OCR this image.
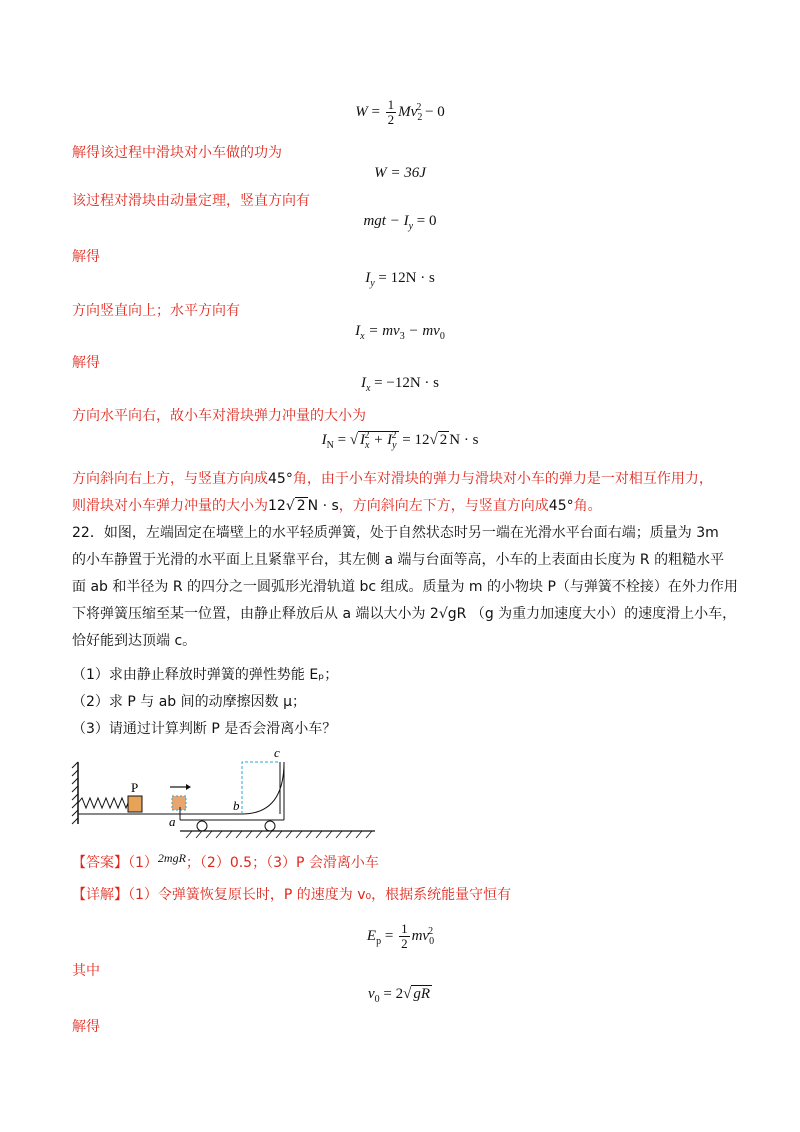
$W = \frac{1}{2} Mv_2^2 - 0$
解得该过程中滑块对小车做的功为
W = 36J
该过程对滑块由动量定理，竖直方向有
mgt − $I_y = 0$
解得
$I_y = 12N \cdot s$
方向竖直向上；水平方向有
$I_x = mv_3 - mv_0$
解得
$I_x = -12N \cdot s$
方向水平向右，故小车对滑块弹力冲量的大小为
$I_N$ = √ $I_x^2 + I_y^2 = 12√$ 2 N · s
方向斜向右上方，与竖直方向成45°角，由于小车对滑块的弹力与滑块对小车的弹力是一对相互作用力，
则滑块对小车弹力冲量的大小为12√ 2 N · s，方向斜向左下方，与竖直方向成45°角。
22．如图，左端固定在墙壁上的水平轻质弹簧，处于自然状态时另一端在光滑水平台面右端；质量为 3m
的小车静置于光滑的水平面上且紧靠平台，其左侧 a 端与台面等高，小车的上表面由长度为 R 的粗糙水平
面 ab 和半径为 R 的四分之一圆弧形光滑轨道 bc 组成。质量为 m 的小物块 P（与弹簧不栓接）在外力作用
下将弹簧压缩至某一位置，由静止释放后从 a 端以大小为 2√gR （g 为重力加速度大小）的速度滑上小车，
恰好能到达顶端 c。
（1）求由静止释放时弹簧的弹性势能 Eₚ；
（2）求 P 与 ab 间的动摩擦因数 μ；
（3）请通过计算判断 P 是否会滑离小车？
P
a
b
c
【答案】（1）2mgR；（2）0.5；（3）P 会滑离小车
【详解】（1）令弹簧恢复原长时，P 的速度为 v₀，根据系统能量守恒有
$E_p = \frac{1}{2} mv_0^2$
其中
$v_0 = 2√$ gR
解得
